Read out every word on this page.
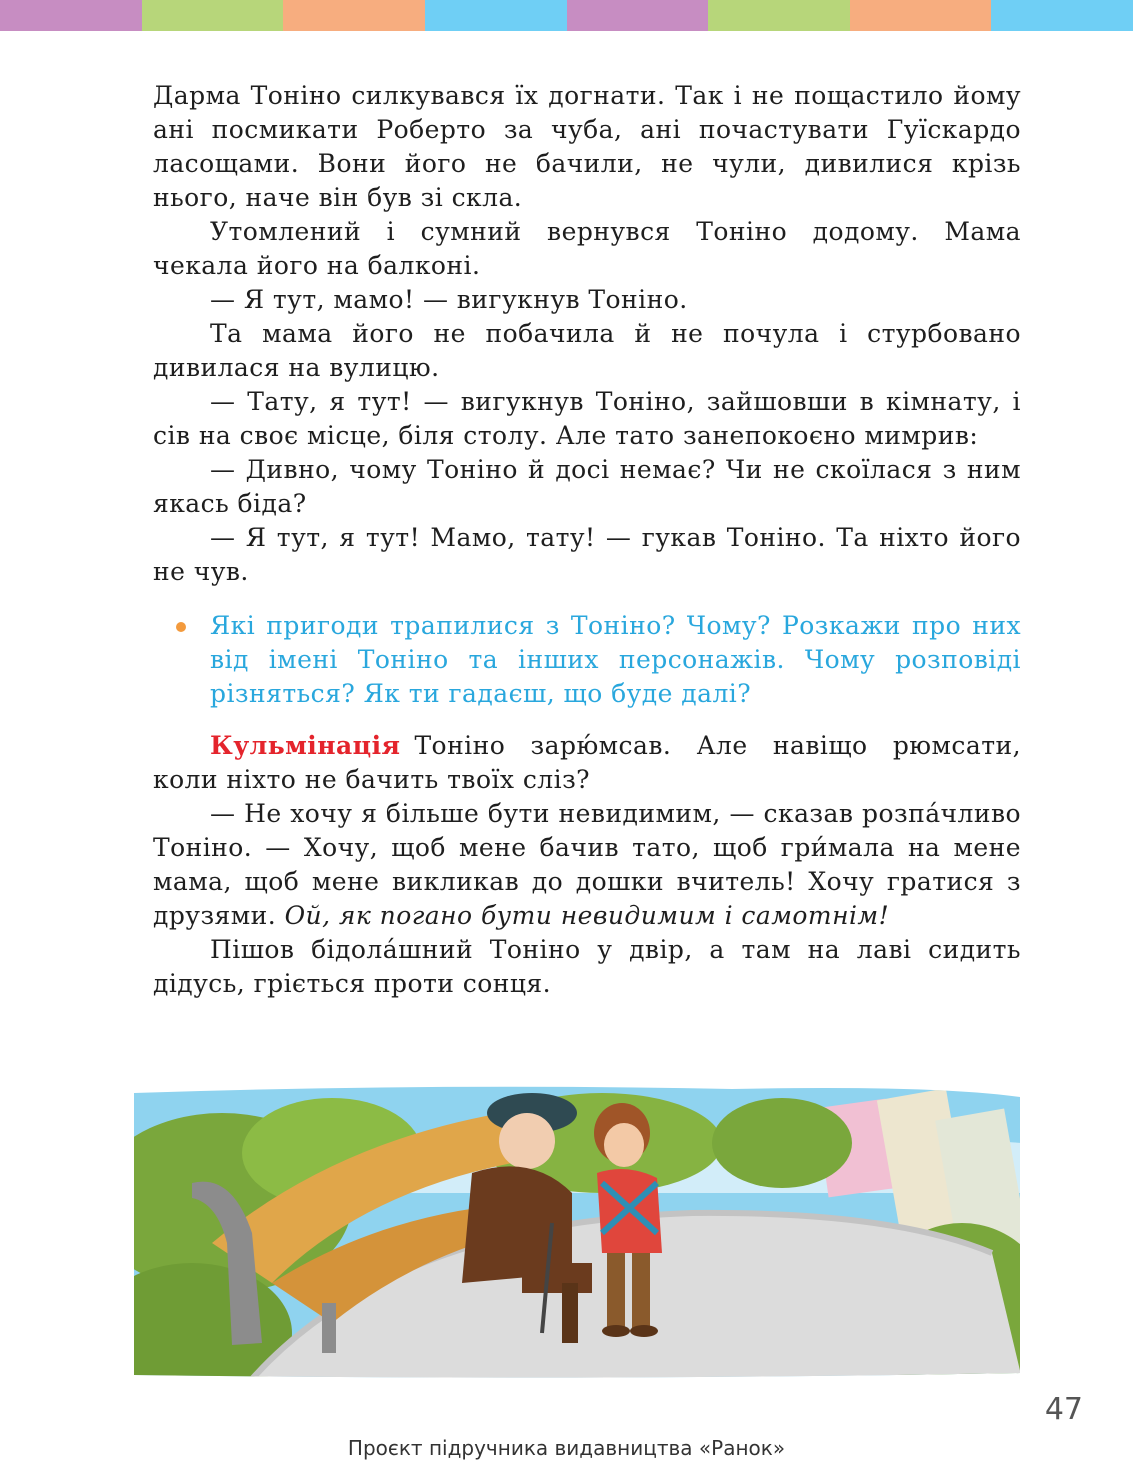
Дарма Тоніно силкувався їх догнати. Так і не пощастило йому ані посмикати Роберто за чуба, ані почастувати Гуїскардо ласощами. Вони його не бачили, не чули, дивилися крізь нього, наче він був зі скла.

Утомлений і сумний вернувся Тоніно додому. Мама чекала його на балконі.

— Я тут, мамо! — вигукнув Тоніно.

Та мама його не побачила й не почула і стурбовано дивилася на вулицю.

— Тату, я тут! — вигукнув Тоніно, зайшовши в кімнату, і сів на своє місце, біля столу. Але тато занепокоєно мимрив:

— Дивно, чому Тоніно й досі немає? Чи не скоїлася з ним якась біда?

— Я тут, я тут! Мамо, тату! — гукав Тоніно. Та ніхто його не чув.

Які пригоди трапилися з Тоніно? Чому? Розкажи про них від імені Тоніно та інших персонажів. Чому розповіді різняться? Як ти гадаєш, що буде далі?

Кульмінація Тоніно зарю́мсав. Але навіщо рюмсати, коли ніхто не бачить твоїх сліз?

— Не хочу я більше бути невидимим, — сказав розпа́чливо Тоніно. — Хочу, щоб мене бачив тато, щоб гри́мала на мене мама, щоб мене викликав до дошки вчитель! Хочу гратися з друзями. Ой, як погано бути невидимим і самотнім!

Пішов бідола́шний Тоніно у двір, а там на лаві сидить дідусь, гріється проти сонця.

Проєкт підручника видавництва «Ранок»
47
